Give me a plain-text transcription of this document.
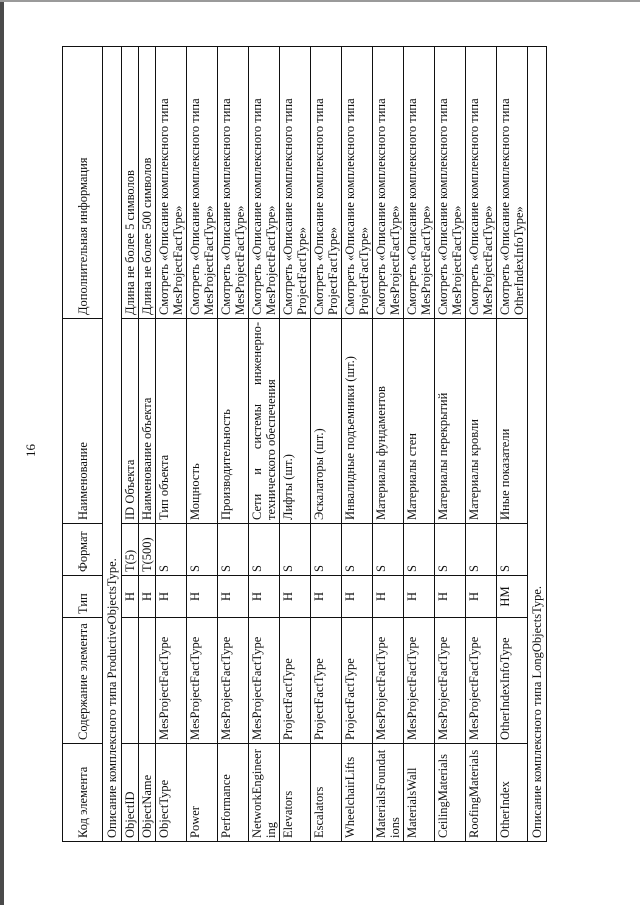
16
Код элемента	Содержание элемента	Тип	Формат	Наименование	Дополнительная информация
Описание комплексного типа ProductiveObjectsType.					
ObjectID		Н	T(5)	ID Объекта	Длина не более 5 символов
ObjectName		Н	T(500)	Наименование объекта	Длина не более 500 символов
ObjectType	MesProjectFactType	Н	S	Тип объекта	Смотреть «Описание комплексного типа MesProjectFactType»
Power	MesProjectFactType	Н	S	Мощность	Смотреть «Описание комплексного типа MesProjectFactType»
Performance	MesProjectFactType	Н	S	Производительность	Смотреть «Описание комплексного типа MesProjectFactType»
NetworkEngineering	MesProjectFactType	Н	S	Сети и системы инженерно-технического обеспечения	Смотреть «Описание комплексного типа MesProjectFactType»
Elevators	ProjectFactType	Н	S	Лифты (шт.)	Смотреть «Описание комплексного типа ProjectFactType»
Escalators	ProjectFactType	Н	S	Эскалаторы (шт.)	Смотреть «Описание комплексного типа ProjectFactType»
WheelchairLifts	ProjectFactType	Н	S	Инвалидные подъемники (шт.)	Смотреть «Описание комплексного типа ProjectFactType»
MaterialsFoundations	MesProjectFactType	Н	S	Материалы фундаментов	Смотреть «Описание комплексного типа MesProjectFactType»
MaterialsWall	MesProjectFactType	Н	S	Материалы стен	Смотреть «Описание комплексного типа MesProjectFactType»
CeilingMaterials	MesProjectFactType	Н	S	Материалы перекрытий	Смотреть «Описание комплексного типа MesProjectFactType»
RoofingMaterials	MesProjectFactType	Н	S	Материалы кровли	Смотреть «Описание комплексного типа MesProjectFactType»
OtherIndex	OtherIndexInfoType	НМ	S	Иные показатели	Смотреть «Описание комплексного типа OtherIndexInfoType»
Описание комплексного типа LongObjectsType.					
